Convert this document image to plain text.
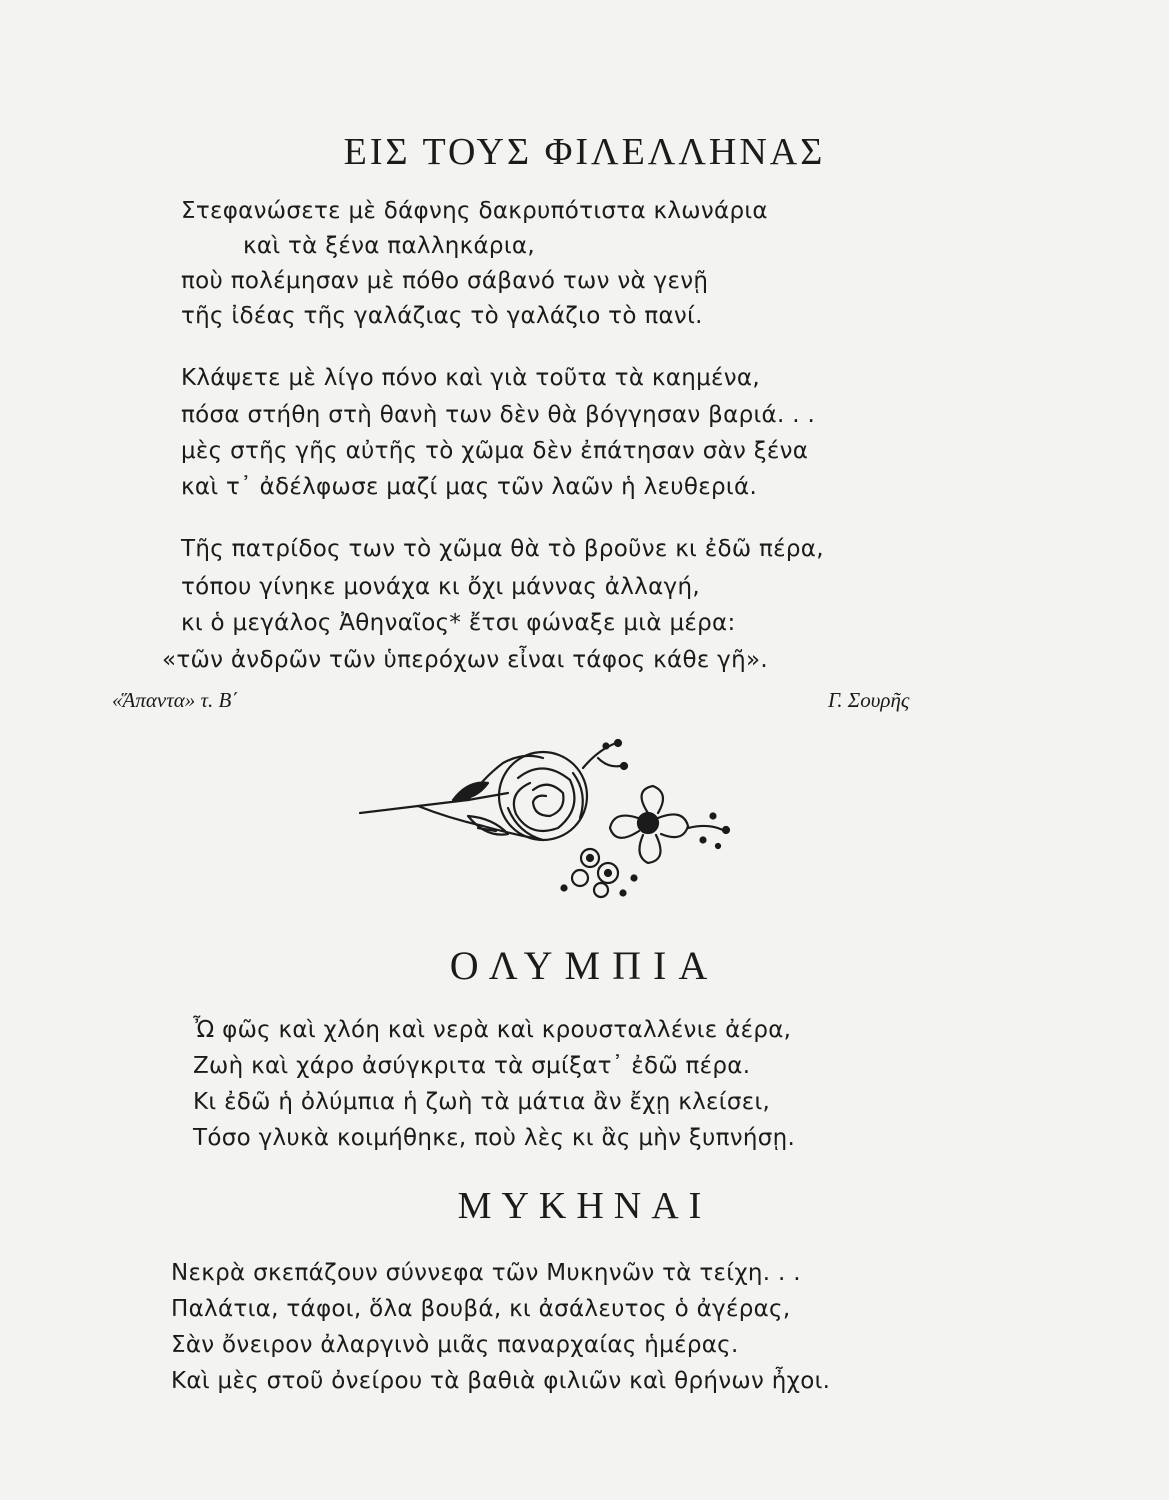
ΕΙΣ ΤΟΥΣ ΦΙΛΕΛΛΗΝΑΣ
Στεφανώσετε μὲ δάφνης δακρυπότιστα κλωνάρια
καὶ τὰ ξένα παλληκάρια,
ποὺ πολέμησαν μὲ πόθο σάβανό των νὰ γενῇ
τῆς ἰδέας τῆς γαλάζιας τὸ γαλάζιο τὸ πανί.
Κλάψετε μὲ λίγο πόνο καὶ γιὰ τοῦτα τὰ καημένα,
πόσα στήθη στὴ θανὴ των δὲν θὰ βόγγησαν βαριά. . .
μὲς στῆς γῆς αὐτῆς τὸ χῶμα δὲν ἐπάτησαν σὰν ξένα
καὶ τ᾽ ἀδέλφωσε μαζί μας τῶν λαῶν ἡ λευθεριά.
Τῆς πατρίδος των τὸ χῶμα θὰ τὸ βροῦνε κι ἐδῶ πέρα,
τόπου γίνηκε μονάχα κι ὄχι μάννας ἀλλαγή,
κι ὁ μεγάλος Ἀθηναῖος* ἔτσι φώναξε μιὰ μέρα:
«τῶν ἀνδρῶν τῶν ὑπερόχων εἶναι τάφος κάθε γῆ».
«Ἅπαντα» τ. Β΄	Γ. Σουρῆς
ΟΛΥΜΠΙΑ
Ὦ φῶς καὶ χλόη καὶ νερὰ καὶ κρουσταλλένιε ἀέρα,
Ζωὴ καὶ χάρο ἀσύγκριτα τὰ σμίξατ᾽ ἐδῶ πέρα.
Κι ἐδῶ ἡ ὀλύμπια ἡ ζωὴ τὰ μάτια ἂν ἔχῃ κλείσει,
Τόσο γλυκὰ κοιμήθηκε, ποὺ λὲς κι ἂς μὴν ξυπνήσῃ.
ΜΥΚΗΝΑΙ
Νεκρὰ σκεπάζουν σύννεφα τῶν Μυκηνῶν τὰ τείχη. . .
Παλάτια, τάφοι, ὅλα βουβά, κι ἀσάλευτος ὁ ἀγέρας,
Σὰν ὄνειρον ἀλαργινὸ μιᾶς παναρχαίας ἡμέρας.
Καὶ μὲς στοῦ ὀνείρου τὰ βαθιὰ φιλιῶν καὶ θρήνων ἦχοι.
